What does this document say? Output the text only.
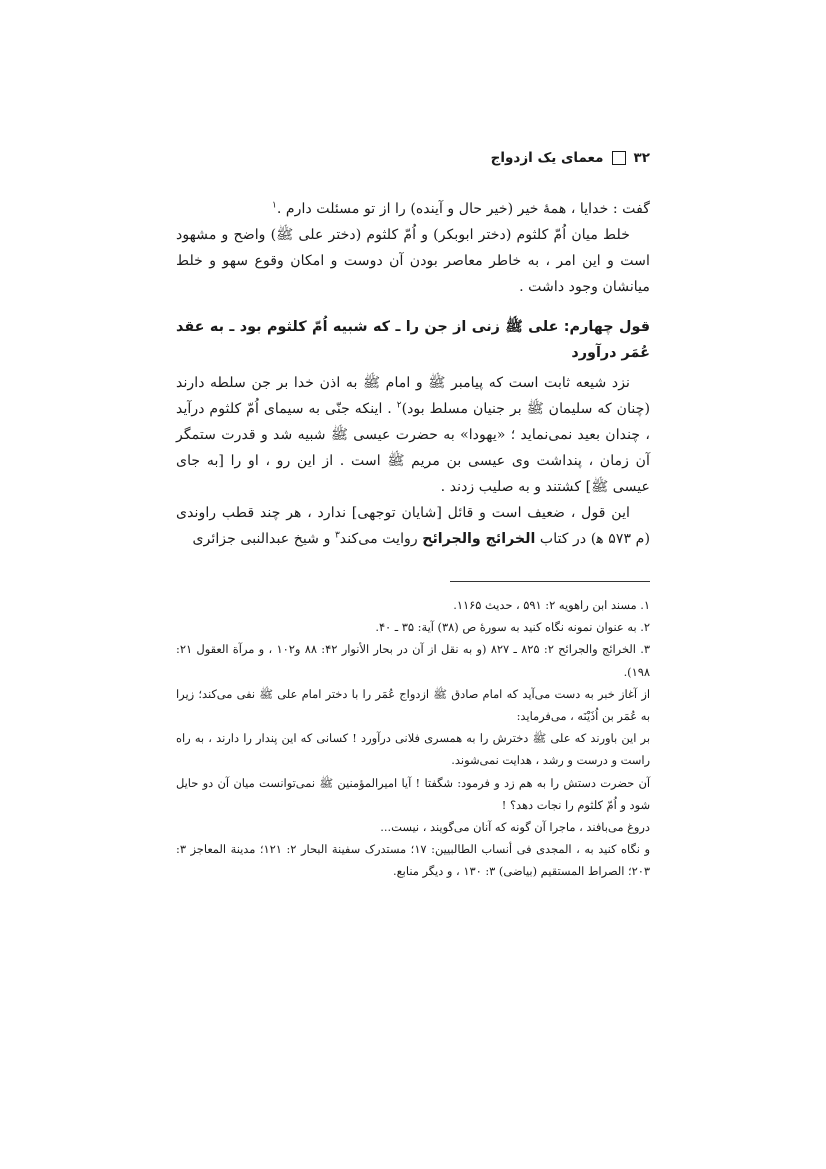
۳۲
معمای یک ازدواج

گفت : خدایا ، همۀ خیر (خیر حال و آینده) را از تو مسئلت دارم .$^۱$

خلط میان اُمّ کلثوم (دختر ابوبکر) و اُمّ کلثوم (دختر علی ﷺ) واضح و مشهود است و این امر ، به خاطر معاصر بودن آن دوست و امکان وقوع سهو و خلط میانشان وجود داشت .

قول چهارم: علی ﷺ زنی از جن را ـ که شبیه اُمّ کلثوم بود ـ به عقد عُمَر درآورد

نزد شیعه ثابت است که پیامبر ﷺ و امام ﷺ به اذن خدا بر جن سلطه دارند (چنان که سلیمان ﷺ بر جنیان مسلط بود)$^۲$ . اینکه جنّی به سیمای اُمّ کلثوم درآید ، چندان بعید نمی‌نماید ؛ «یهودا» به حضرت عیسی ﷺ شبیه شد و قدرت ستمگر آن زمان ، پنداشت وی عیسی بن مریم ﷺ است . از این رو ، او را [به جای عیسی ﷺ] کشتند و به صلیب زدند .

این قول ، ضعیف است و قائل [شایان توجهی] ندارد ، هر چند قطب راوندی (م ۵۷۳ ﻫ) در کتاب الخرائج والجرائح روایت می‌کند$^۳$ و شیخ عبدالنبی جزائری

۱. مسند ابن راهویه ۲: ۵۹۱ ، حدیث ۱۱۶۵.

۲. به عنوان نمونه نگاه کنید به سورۀ ص (۳۸) آیة: ۳۵ ـ ۴۰.

۳. الخرائج والجرائح ۲: ۸۲۵ ـ ۸۲۷ (و به نقل از آن در بحار الأنوار ۴۲: ۸۸ و۱۰۲ ، و مرآة العقول ۲۱: ۱۹۸).

از آغاز خبر به دست می‌آید که امام صادق ﷺ ازدواج عُمَر را با دختر امام علی ﷺ نفی می‌کند؛ زیرا به عُمَر بن اُذَیْنَه ، می‌فرماید:

بر این باورند که علی ﷺ دخترش را به همسری فلانی درآورد ! کسانی که این پندار را دارند ، به راه راست و درست و رشد ، هدایت نمی‌شوند.

آن حضرت دستش را به هم زد و فرمود: شگفتا ! آیا امیرالمؤمنین ﷺ نمی‌توانست میان آن دو حایل شود و اُمّ کلثوم را نجات دهد؟ !

دروغ می‌بافند ، ماجرا آن گونه که آنان می‌گویند ، نیست...

و نگاه کنید به ، المجدی فی أنساب الطالبیین: ۱۷؛ مستدرک سفینة البحار ۲: ۱۲۱؛ مدینة المعاجز ۳: ۲۰۳؛ الصراط المستقیم (بیاضی) ۳: ۱۳۰ ، و دیگر منابع.
